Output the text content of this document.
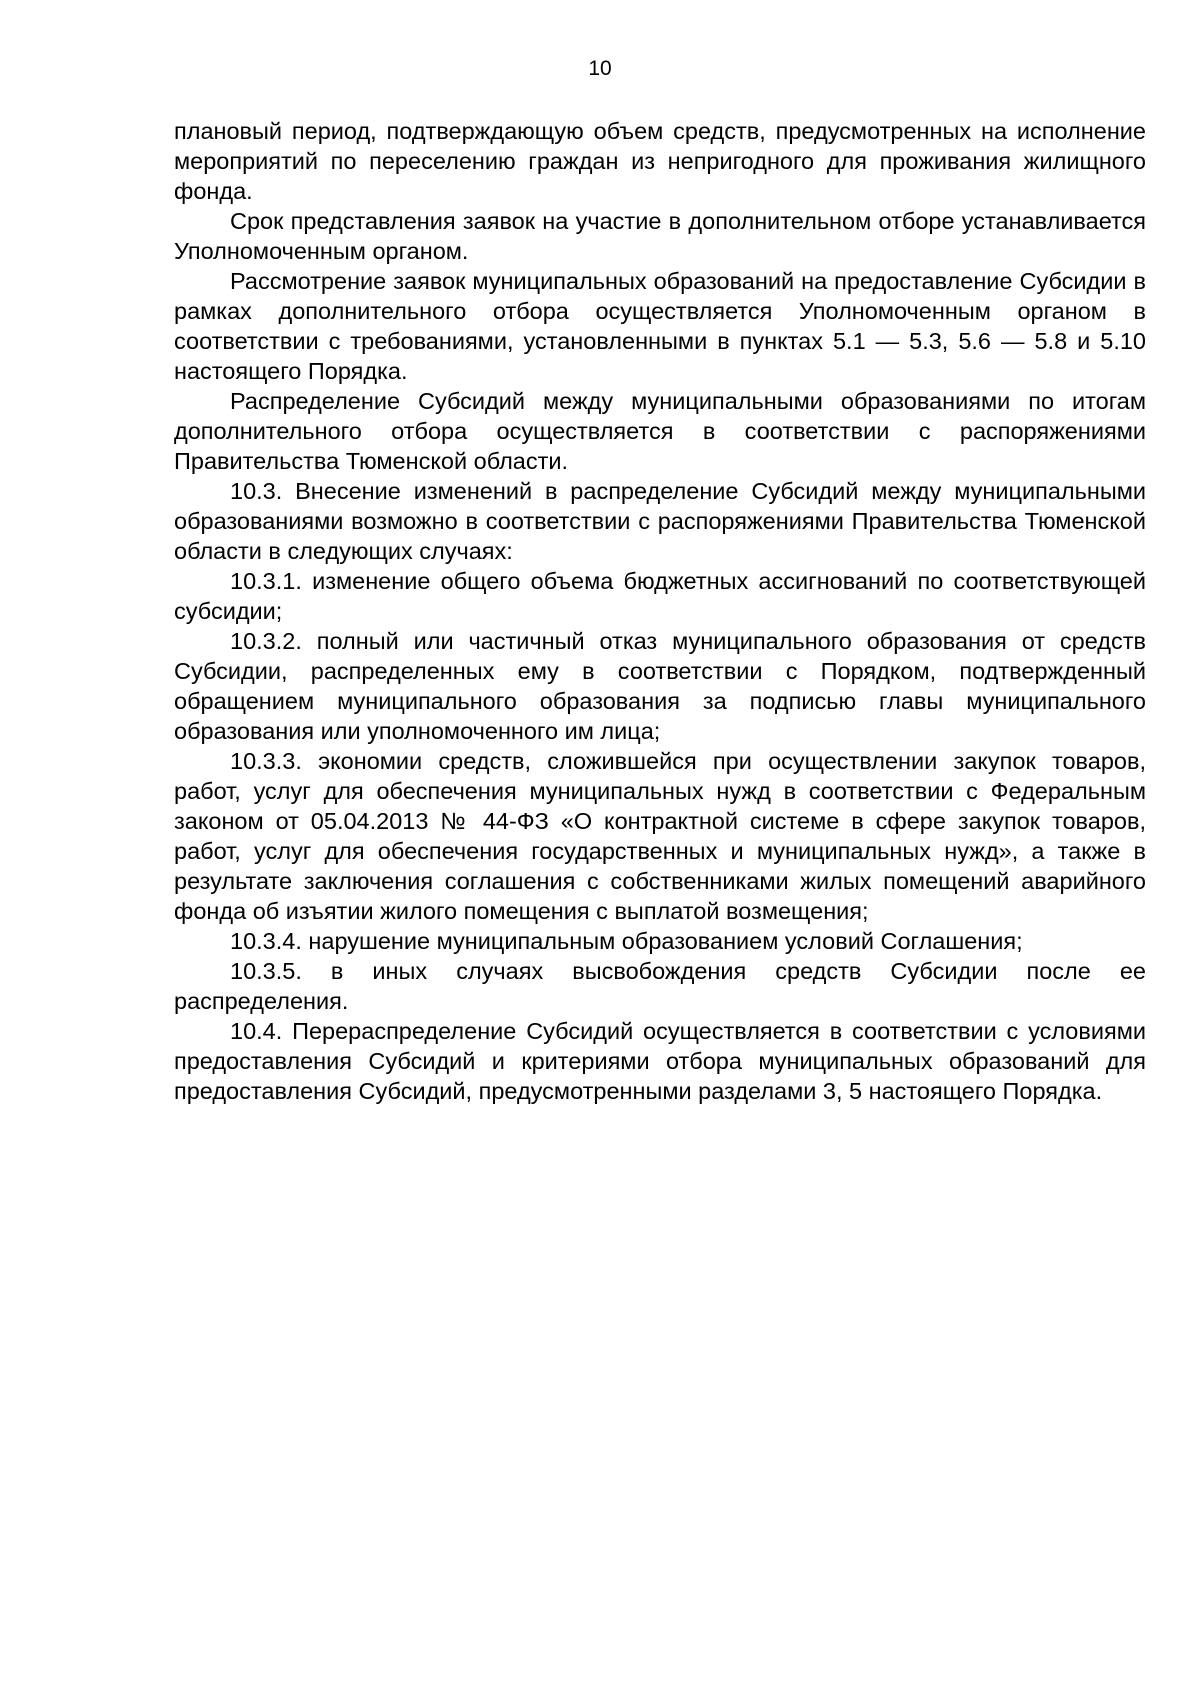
10

плановый период, подтверждающую объем средств, предусмотренных на исполнение мероприятий по переселению граждан из непригодного для проживания жилищного фонда.

Срок представления заявок на участие в дополнительном отборе устанавливается Уполномоченным органом.

Рассмотрение заявок муниципальных образований на предоставление Субсидии в рамках дополнительного отбора осуществляется Уполномоченным органом в соответствии с требованиями, установленными в пунктах 5.1 — 5.3, 5.6 — 5.8 и 5.10 настоящего Порядка.

Распределение Субсидий между муниципальными образованиями по итогам дополнительного отбора осуществляется в соответствии с распоряжениями Правительства Тюменской области.

10.3. Внесение изменений в распределение Субсидий между муниципальными образованиями возможно в соответствии с распоряжениями Правительства Тюменской области в следующих случаях:

10.3.1. изменение общего объема бюджетных ассигнований по соответствующей субсидии;

10.3.2. полный или частичный отказ муниципального образования от средств Субсидии, распределенных ему в соответствии с Порядком, подтвержденный обращением муниципального образования за подписью главы муниципального образования или уполномоченного им лица;

10.3.3. экономии средств, сложившейся при осуществлении закупок товаров, работ, услуг для обеспечения муниципальных нужд в соответствии с Федеральным законом от 05.04.2013 № 44-ФЗ «О контрактной системе в сфере закупок товаров, работ, услуг для обеспечения государственных и муниципальных нужд», а также в результате заключения соглашения с собственниками жилых помещений аварийного фонда об изъятии жилого помещения с выплатой возмещения;

10.3.4. нарушение муниципальным образованием условий Соглашения;

10.3.5. в иных случаях высвобождения средств Субсидии после ее распределения.

10.4. Перераспределение Субсидий осуществляется в соответствии с условиями предоставления Субсидий и критериями отбора муниципальных образований для предоставления Субсидий, предусмотренными разделами 3, 5 настоящего Порядка.
